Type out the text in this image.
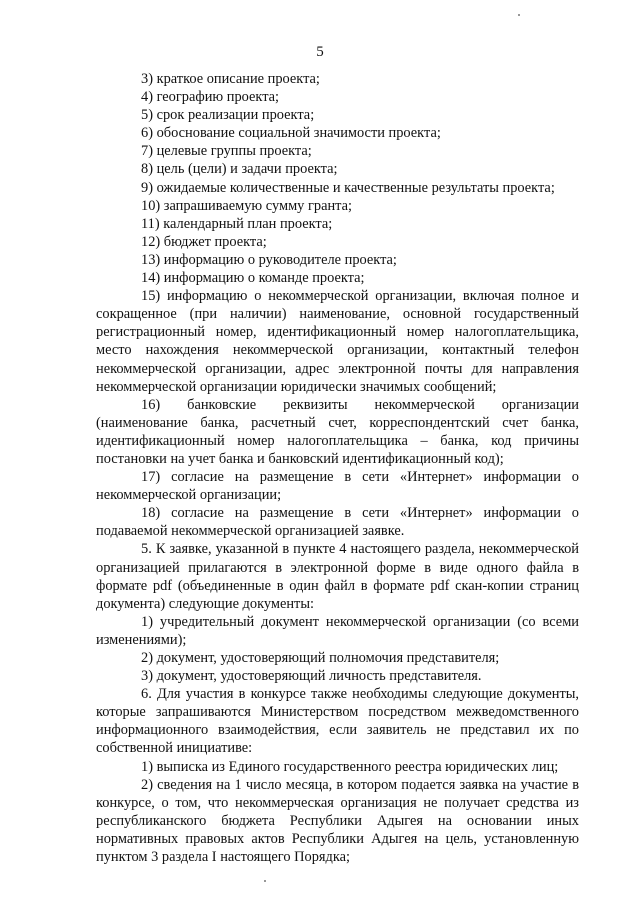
5

3) краткое описание проекта;

4) географию проекта;

5) срок реализации проекта;

6) обоснование социальной значимости проекта;

7) целевые группы проекта;

8) цель (цели) и задачи проекта;

9) ожидаемые количественные и качественные результаты проекта;

10) запрашиваемую сумму гранта;

11) календарный план проекта;

12) бюджет проекта;

13) информацию о руководителе проекта;

14) информацию о команде проекта;

15) информацию о некоммерческой организации, включая полное и сокращенное (при наличии) наименование, основной государственный регистрационный номер, идентификационный номер налогоплательщика, место нахождения некоммерческой организации, контактный телефон некоммерческой организации, адрес электронной почты для направления некоммерческой организации юридически значимых сообщений;

16) банковские реквизиты некоммерческой организации (наименование банка, расчетный счет, корреспондентский счет банка, идентификационный номер налогоплательщика – банка, код причины постановки на учет банка и банковский идентификационный код);

17) согласие на размещение в сети «Интернет» информации о некоммерческой организации;

18) согласие на размещение в сети «Интернет» информации о подаваемой некоммерческой организацией заявке.

5. К заявке, указанной в пункте 4 настоящего раздела, некоммерческой организацией прилагаются в электронной форме в виде одного файла в формате pdf (объединенные в один файл в формате pdf скан-копии страниц документа) следующие документы:

1) учредительный документ некоммерческой организации (со всеми изменениями);

2) документ, удостоверяющий полномочия представителя;

3) документ, удостоверяющий личность представителя.

6. Для участия в конкурсе также необходимы следующие документы, которые запрашиваются Министерством посредством межведомственного информационного взаимодействия, если заявитель не представил их по собственной инициативе:

1) выписка из Единого государственного реестра юридических лиц;

2) сведения на 1 число месяца, в котором подается заявка на участие в конкурсе, о том, что некоммерческая организация не получает средства из республиканского бюджета Республики Адыгея на основании иных нормативных правовых актов Республики Адыгея на цель, установленную пунктом 3 раздела I настоящего Порядка;
